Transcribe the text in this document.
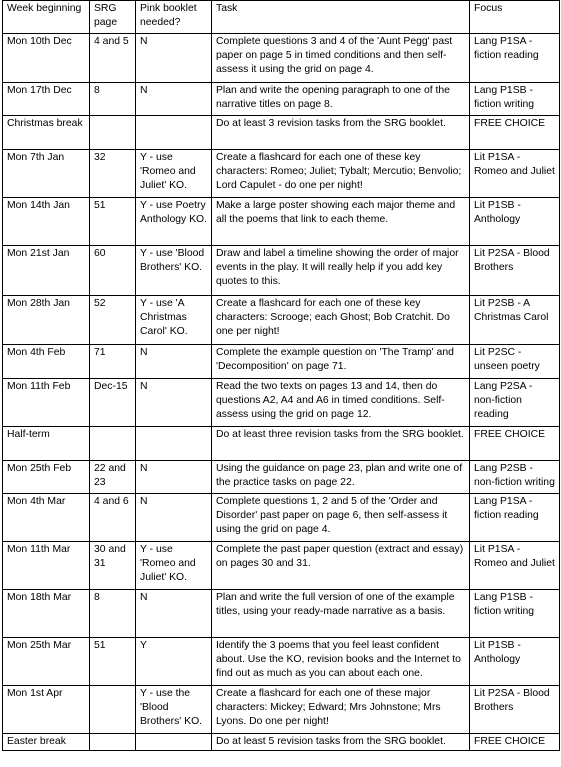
Week beginning	SRG page	Pink booklet needed?	Task	Focus
Mon 10th Dec	4 and 5	N	Complete questions 3 and 4 of the 'Aunt Pegg' past paper on page 5 in timed conditions and then self-assess it using the grid on page 4.	Lang P1SA - fiction reading
Mon 17th Dec	8	N	Plan and write the opening paragraph to one of the narrative titles on page 8.	Lang P1SB - fiction writing
Christmas break			Do at least 3 revision tasks from the SRG booklet.	FREE CHOICE
Mon 7th Jan	32	Y - use 'Romeo and Juliet' KO.	Create a flashcard for each one of these key characters: Romeo; Juliet; Tybalt; Mercutio; Benvolio; Lord Capulet - do one per night!	Lit P1SA - Romeo and Juliet
Mon 14th Jan	51	Y - use Poetry Anthology KO.	Make a large poster showing each major theme and all the poems that link to each theme.	Lit P1SB - Anthology
Mon 21st Jan	60	Y - use 'Blood Brothers' KO.	Draw and label a timeline showing the order of major events in the play. It will really help if you add key quotes to this.	Lit P2SA - Blood Brothers
Mon 28th Jan	52	Y - use 'A Christmas Carol' KO.	Create a flashcard for each one of these key characters: Scrooge; each Ghost; Bob Cratchit. Do one per night!	Lit P2SB - A Christmas Carol
Mon 4th Feb	71	N	Complete the example question on 'The Tramp' and 'Decomposition' on page 71.	Lit P2SC - unseen poetry
Mon 11th Feb	Dec-15	N	Read the two texts on pages 13 and 14, then do questions A2, A4 and A6 in timed conditions. Self-assess using the grid on page 12.	Lang P2SA - non-fiction reading
Half-term			Do at least three revision tasks from the SRG booklet.	FREE CHOICE
Mon 25th Feb	22 and 23	N	Using the guidance on page 23, plan and write one of the practice tasks on page 22.	Lang P2SB - non-fiction writing
Mon 4th Mar	4 and 6	N	Complete questions 1, 2 and 5 of the 'Order and Disorder' past paper on page 6, then self-assess it using the grid on page 4.	Lang P1SA - fiction reading
Mon 11th Mar	30 and 31	Y - use 'Romeo and Juliet' KO.	Complete the past paper question (extract and essay) on pages 30 and 31.	Lit P1SA - Romeo and Juliet
Mon 18th Mar	8	N	Plan and write the full version of one of the example titles, using your ready-made narrative as a basis.	Lang P1SB - fiction writing
Mon 25th Mar	51	Y	Identify the 3 poems that you feel least confident about. Use the KO, revision books and the Internet to find out as much as you can about each one.	Lit P1SB - Anthology
Mon 1st Apr		Y - use the 'Blood Brothers' KO.	Create a flashcard for each one of these major characters: Mickey; Edward; Mrs Johnstone; Mrs Lyons. Do one per night!	Lit P2SA - Blood Brothers
Easter break			Do at least 5 revision tasks from the SRG booklet.	FREE CHOICE
